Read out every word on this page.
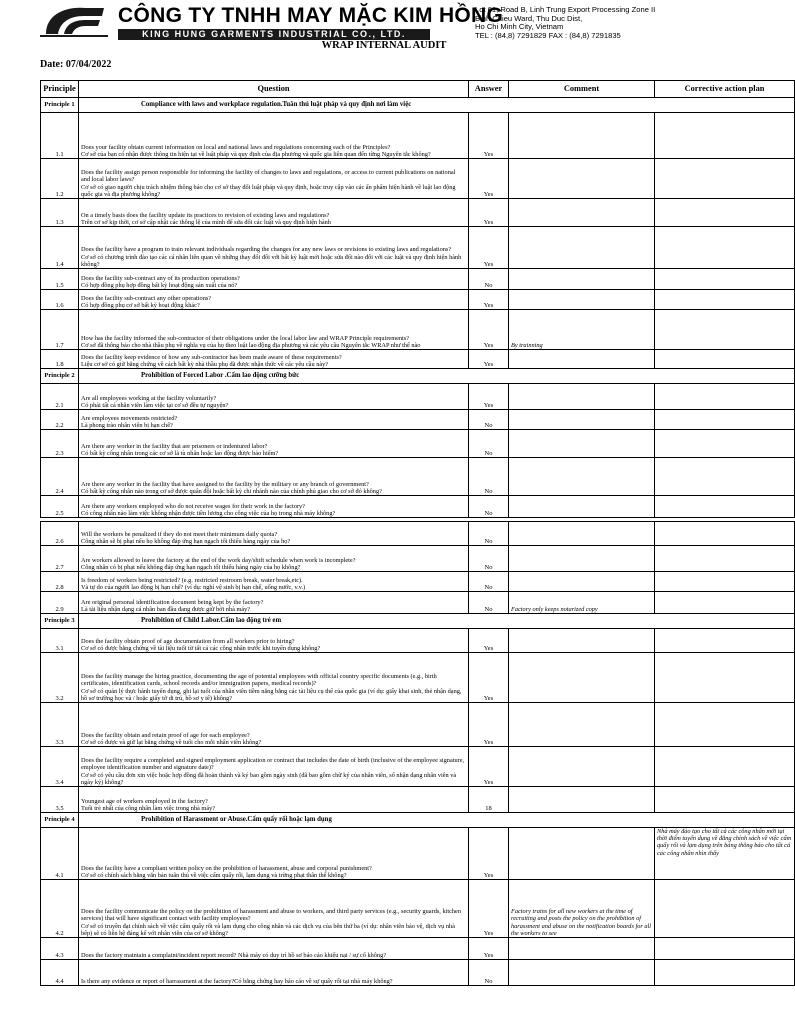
CÔNG TY TNHH MAY MẶC KIM HỒNG
KING HUNG GARMENTS INDUSTRIAL CO., LTD.
Lot 61, Road B, Linh Trung Export Processing Zone II
Binh Chieu Ward, Thu Duc Dist,
Ho Chi Minh City, Vietnam
TEL : (84,8) 7291829 FAX : (84,8) 7291835
WRAP INTERNAL AUDIT
Date: 07/04/2022
Principle	Question	Answer	Comment	Corrective action plan
Principle 1	Compliance with laws and workplace regulation.Tuân thủ luật pháp và quy định nơi làm việc			
1.1	Does your facility obtain current information on local and national laws and regulations concerning each of the Principles?
Cơ sở của bạn có nhận được thông tin hiện tại về luật pháp và quy định của địa phương và quốc gia liên quan đến từng Nguyên tắc không?	Yes		
1.2	Does the facility assign person responsible for informing the facility of changes to laws and regulations, or access to current publications on national and local labor laws?
Cơ sở có giao người chịu trách nhiệm thông báo cho cơ sở thay đổi luật pháp và quy định, hoặc truy cập vào các ấn phẩm hiện hành về luật lao động quốc gia và địa phương không?	Yes		
1.3	On a timely basis does the facility update its practices to revision of existing laws and regulations?
Trên cơ sở kịp thời, cơ sở cập nhật các thông lệ của mình để sửa đổi các luật và quy định hiện hành	Yes		
1.4	Does the facility have a program to train relevant individuals regarding the changes for any new laws or revisions to existing laws and regulations?
Cơ sở có chương trình đào tạo các cá nhân liên quan về những thay đổi đối với bất kỳ luật mới hoặc sửa đổi nào đối với các luật và quy định hiện hành không?	Yes		
1.5	Does the facility sub-contract any of its production operations?
Có hợp đồng phụ hợp đồng bất kỳ hoạt động sản xuất của nó?	No		
1.6	Does the facility sub-contract any other operations?
Có hợp đồng phụ cơ sở bất kỳ hoạt động khác?	Yes		
1.7	How has the facility informed the sub-contractor of their obligations under the local labor law and WRAP Principle requirements?
Cơ sở đã thông báo cho nhà thầu phụ về nghĩa vụ của họ theo luật lao động địa phương và các yêu cầu Nguyên tắc WRAP như thế nào	Yes	By trainning	
1.8	Does the facility keep evidence of how any sub-contractor has been made aware of these requirements?
Liệu cơ sở có giữ bằng chứng về cách bất kỳ nhà thầu phụ đã được nhận thức về các yêu cầu này?	Yes		
Principle 2	Prohibition of Forced Labor .Cấm lao động cưỡng bức			
2.1	Are all employees working at the facility voluntarily?
Có phải tất cả nhân viên làm việc tại cơ sở đều tự nguyện?	Yes		
2.2	Are employees movements restricted?
Là phong trào nhân viên bị hạn chế?	No		
2.3	Are there any worker in the facility that are prisoners or indentured labor?
Có bất kỳ công nhân trong các cơ sở là tù nhân hoặc lao động được bảo hiểm?	No		
2.4	Are there any worker in the facility that have assigned to the facility by the military or any branch of government?
Có bất kỳ công nhân nào trong cơ sở được quân đội hoặc bất kỳ chi nhánh nào của chính phủ giao cho cơ sở đó không?	No		
2.5	Are there any workers employed who do not receive wages for their work in the factory?
Có công nhân nào làm việc không nhận được tiền lương cho công việc của họ trong nhà máy không?	No		

2.6	Will the workers be penalized if they do not meet their minimum daily quota?
Công nhân sẽ bị phạt nếu họ không đáp ứng hạn ngạch tối thiểu hàng ngày của họ?	No		
2.7	Are workers allowed to leave the factory at the end of the work day/shift schedule when work is incomplete?
Công nhân có bị phạt nếu không đáp ứng hạn ngạch tối thiểu hàng ngày của họ không?	No		
2.8	Is freedom of workers being restricted? (e.g. restricted restroom break, water break,etc).
Và tự do của người lao động bị hạn chế? (ví dụ: nghỉ vệ sinh bị hạn chế, uống nước, v.v.)	No		
2.9	Are original personal identification document being kept by the factory?
Là tài liệu nhận dạng cá nhân ban đầu đang được giữ bởi nhà máy?	No	Factory only keeps notarized copy	
Principle 3	Prohibition of Child Labor.Cấm lao động trẻ em			
3.1	Does the facility obtain proof of age documentation from all workers prior to hiring?
Cơ sở có được bằng chứng về tài liệu tuổi từ tất cả các công nhân trước khi tuyển dụng không?	Yes		
3.2	Does the facility manage the hiring practice, documenting the age of potential employees with official country specific documents (e.g., birth certificates, identification cards, school records and/or immigration papers, medical records)?
Cơ sở có quản lý thực hành tuyển dụng, ghi lại tuổi của nhân viên tiềm năng bằng các tài liệu cụ thể của quốc gia (ví dụ: giấy khai sinh, thẻ nhận dạng, hồ sơ trường học và / hoặc giấy tờ di trú, hồ sơ y tế) không?	Yes		
3.3	Does the facility obtain and retain proof of age for each employee?
Cơ sở có được và giữ lại bằng chứng về tuổi cho mỗi nhân viên không?	Yes		
3.4	Does the facility require a completed and signed employment application or contract that includes the date of birth (inclusive of the employee signature, employee identification number and signature date)?
Cơ sở có yêu cầu đơn xin việc hoặc hợp đồng đã hoàn thành và ký bao gồm ngày sinh (đã bao gồm chữ ký của nhân viên, số nhận dạng nhân viên và ngày ký) không?	Yes		
3.5	Youngest age of workers employed in the factory?
Tuổi trẻ nhất của công nhân làm việc trong nhà máy?	18		
Principle 4	Prohibition of Harassment or Abuse.Cấm quấy rối hoặc lạm dụng			
4.1	Does the facility have a compliant written policy on the prohibition of harassment, abuse and corporal punishment?
Cơ sở có chính sách bằng văn bản tuân thủ về việc cấm quấy rối, lạm dụng và trừng phạt thân thể không?	Yes		Nhà máy đào tạo cho tất cả các công nhân mới tại thời điểm tuyển dụng về đăng chính sách về việc cấm quấy rối và lạm dụng trên bảng thông báo cho tất cả các công nhân nhìn thấy
4.2	Does the facility communicate the policy on the prohibition of harassment and abuse to workers, and third party services (e.g., security guards, kitchen services) that will have significant contact with facility employees?
Cơ sở có truyền đạt chính sách về việc cấm quấy rối và lạm dụng cho công nhân và các dịch vụ của bên thứ ba (ví dụ: nhân viên bảo vệ, dịch vụ nhà bếp) sẽ có liên hệ đáng kể với nhân viên của cơ sở không?	Yes	Factory trains for all new workers at the time of recruiting and posts the policy on the prohibition of harassment and abuse on the notification boards for all the workers to see	
4.3	Does the factory maintain a complaint/incident report record? Nhà máy có duy trì hồ sơ báo cáo khiếu nại / sự cố không?	Yes		
4.4	Is there any evidence or report of harrassment at the factory?Có bằng chứng hay báo cáo về sự quấy rối tại nhà máy không?	No		
